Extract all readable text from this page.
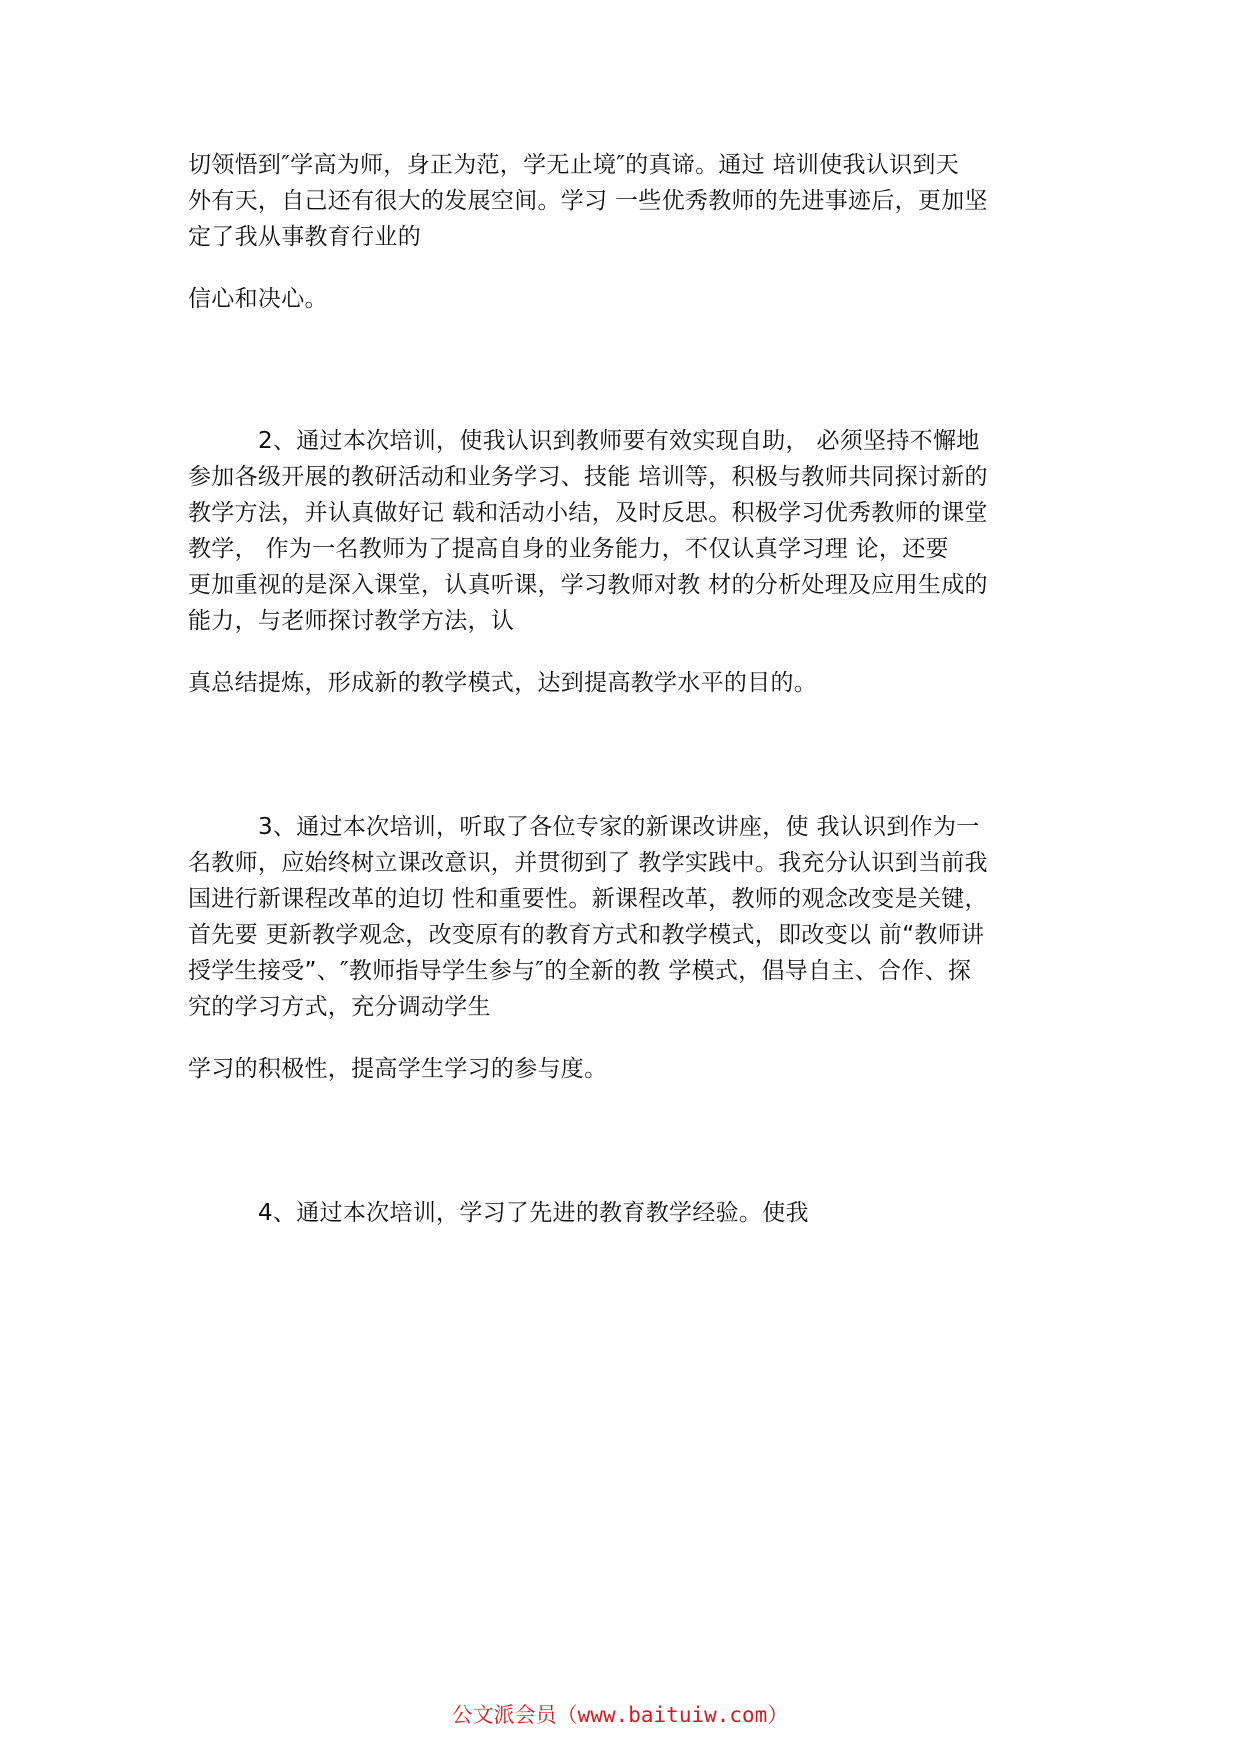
切领悟到″学高为师，身正为范，学无止境″的真谛。通过 培训使我认识到天
外有天，自己还有很大的发展空间。学习 一些优秀教师的先进事迹后，更加坚
定了我从事教育行业的
信心和决心。
2、通过本次培训，使我认识到教师要有效实现自助， 必须坚持不懈地
参加各级开展的教研活动和业务学习、技能 培训等，积极与教师共同探讨新的
教学方法，并认真做好记 载和活动小结，及时反思。积极学习优秀教师的课堂
教学， 作为一名教师为了提高自身的业务能力，不仅认真学习理 论，还要
更加重视的是深入课堂，认真听课，学习教师对教 材的分析处理及应用生成的
能力，与老师探讨教学方法，认
真总结提炼，形成新的教学模式，达到提高教学水平的目的。
3、通过本次培训，听取了各位专家的新课改讲座，使 我认识到作为一
名教师，应始终树立课改意识，并贯彻到了 教学实践中。我充分认识到当前我
国进行新课程改革的迫切 性和重要性。新课程改革，教师的观念改变是关键，
首先要 更新教学观念，改变原有的教育方式和教学模式，即改变以 前“教师讲
授学生接受”、″教师指导学生参与″的全新的教 学模式，倡导自主、合作、探
究的学习方式，充分调动学生
学习的积极性，提高学生学习的参与度。
4、通过本次培训，学习了先进的教育教学经验。使我
公文派会员（www.baituiw.com）
